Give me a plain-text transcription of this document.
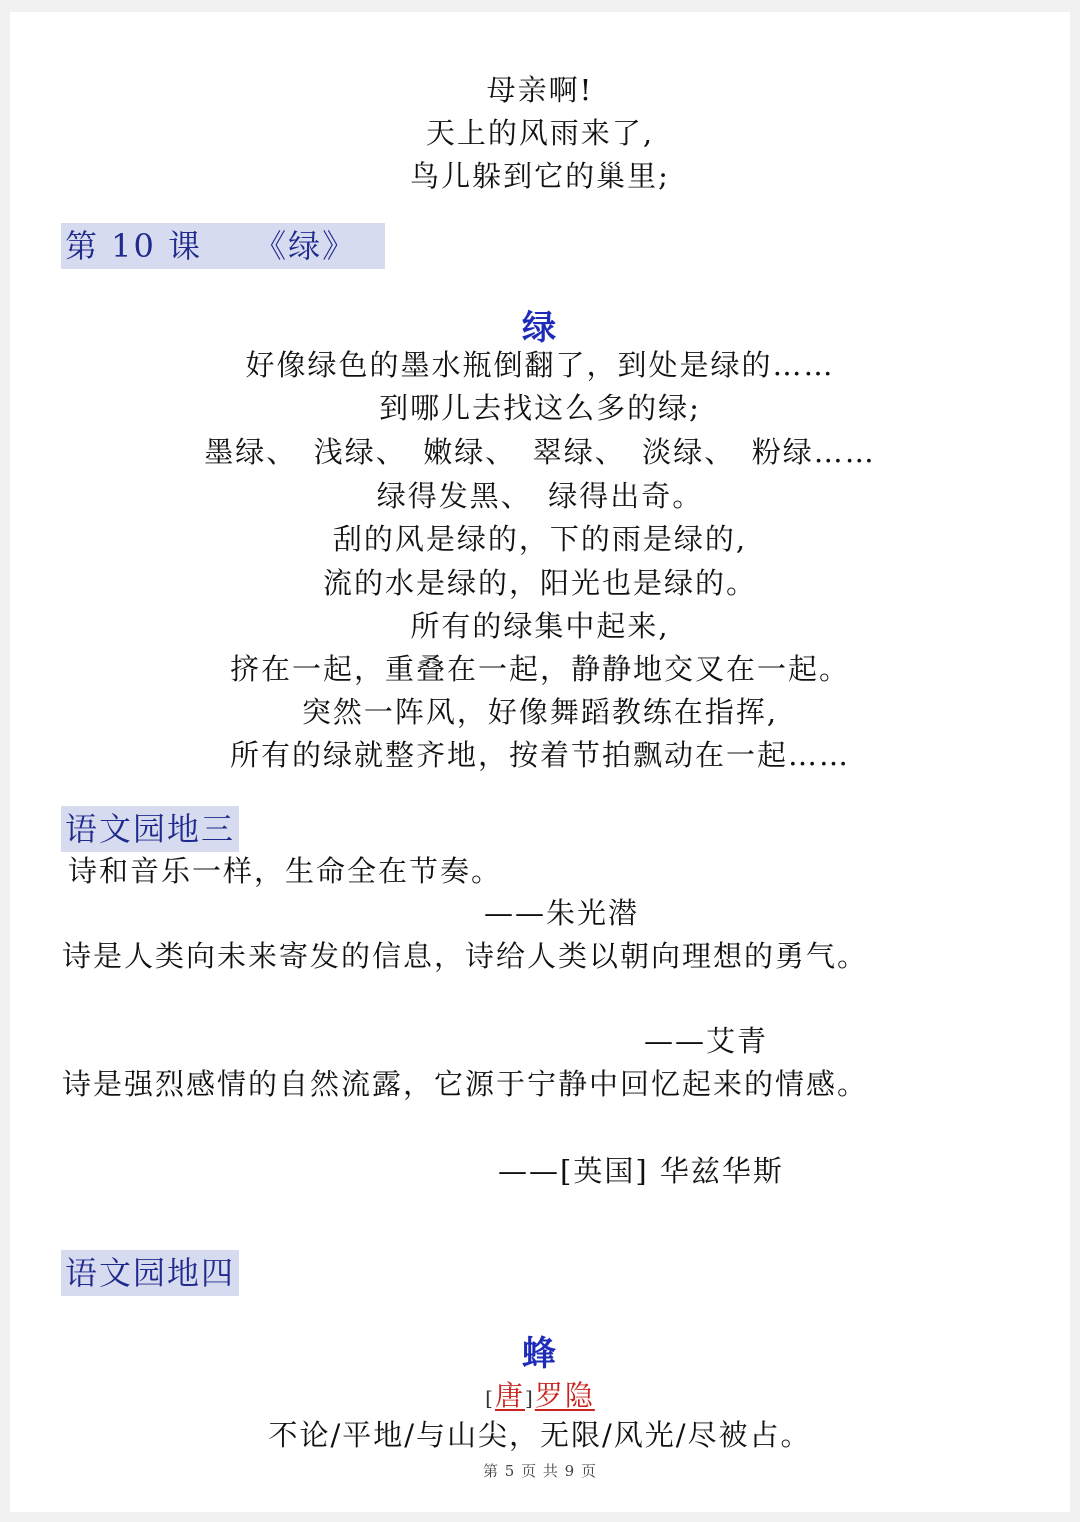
母亲啊!
天上的风雨来了,
鸟儿躲到它的巢里;
第 10 课　　《绿》
绿
好像绿色的墨水瓶倒翻了，到处是绿的……
到哪儿去找这么多的绿;
墨绿、　浅绿、　嫩绿、　翠绿、　淡绿、　粉绿……
绿得发黑、　绿得出奇。
刮的风是绿的，下的雨是绿的,
流的水是绿的，阳光也是绿的。
所有的绿集中起来,
挤在一起，重叠在一起，静静地交叉在一起。
突然一阵风，好像舞蹈教练在指挥,
所有的绿就整齐地，按着节拍飘动在一起……
语文园地三
诗和音乐一样，生命全在节奏。
——朱光潜
诗是人类向未来寄发的信息，诗给人类以朝向理想的勇气。
——艾青
诗是强烈感情的自然流露，它源于宁静中回忆起来的情感。
——[英国] 华兹华斯
语文园地四
蜂
[唐]罗隐
不论/平地/与山尖，无限/风光/尽被占。
第 5 页 共 9 页
